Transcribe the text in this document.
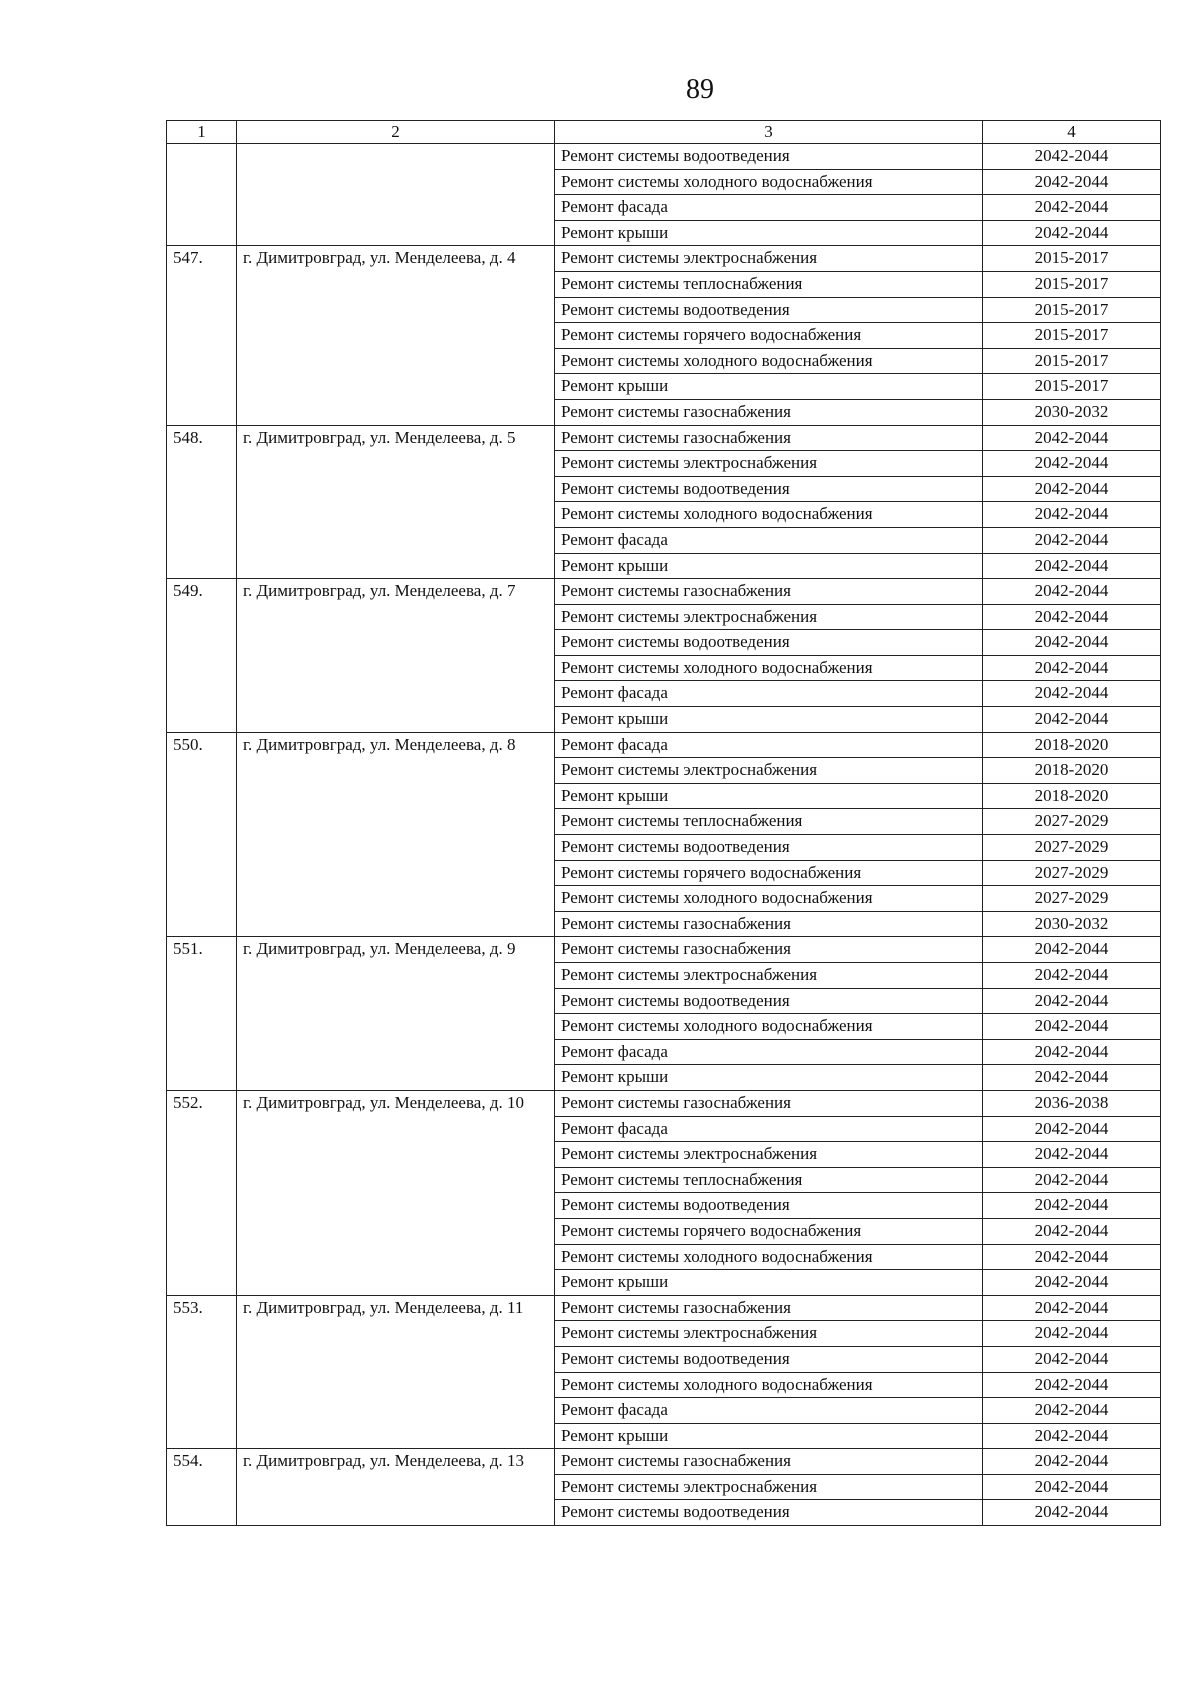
89
1	2	3	4
		Ремонт системы водоотведения	2042-2044
		Ремонт системы холодного водоснабжения	2042-2044
		Ремонт фасада	2042-2044
		Ремонт крыши	2042-2044
547.	г. Димитровград, ул. Менделеева, д. 4	Ремонт системы электроснабжения	2015-2017
		Ремонт системы теплоснабжения	2015-2017
		Ремонт системы водоотведения	2015-2017
		Ремонт системы горячего водоснабжения	2015-2017
		Ремонт системы холодного водоснабжения	2015-2017
		Ремонт крыши	2015-2017
		Ремонт системы газоснабжения	2030-2032
548.	г. Димитровград, ул. Менделеева, д. 5	Ремонт системы газоснабжения	2042-2044
		Ремонт системы электроснабжения	2042-2044
		Ремонт системы водоотведения	2042-2044
		Ремонт системы холодного водоснабжения	2042-2044
		Ремонт фасада	2042-2044
		Ремонт крыши	2042-2044
549.	г. Димитровград, ул. Менделеева, д. 7	Ремонт системы газоснабжения	2042-2044
		Ремонт системы электроснабжения	2042-2044
		Ремонт системы водоотведения	2042-2044
		Ремонт системы холодного водоснабжения	2042-2044
		Ремонт фасада	2042-2044
		Ремонт крыши	2042-2044
550.	г. Димитровград, ул. Менделеева, д. 8	Ремонт фасада	2018-2020
		Ремонт системы электроснабжения	2018-2020
		Ремонт крыши	2018-2020
		Ремонт системы теплоснабжения	2027-2029
		Ремонт системы водоотведения	2027-2029
		Ремонт системы горячего водоснабжения	2027-2029
		Ремонт системы холодного водоснабжения	2027-2029
		Ремонт системы газоснабжения	2030-2032
551.	г. Димитровград, ул. Менделеева, д. 9	Ремонт системы газоснабжения	2042-2044
		Ремонт системы электроснабжения	2042-2044
		Ремонт системы водоотведения	2042-2044
		Ремонт системы холодного водоснабжения	2042-2044
		Ремонт фасада	2042-2044
		Ремонт крыши	2042-2044
552.	г. Димитровград, ул. Менделеева, д. 10	Ремонт системы газоснабжения	2036-2038
		Ремонт фасада	2042-2044
		Ремонт системы электроснабжения	2042-2044
		Ремонт системы теплоснабжения	2042-2044
		Ремонт системы водоотведения	2042-2044
		Ремонт системы горячего водоснабжения	2042-2044
		Ремонт системы холодного водоснабжения	2042-2044
		Ремонт крыши	2042-2044
553.	г. Димитровград, ул. Менделеева, д. 11	Ремонт системы газоснабжения	2042-2044
		Ремонт системы электроснабжения	2042-2044
		Ремонт системы водоотведения	2042-2044
		Ремонт системы холодного водоснабжения	2042-2044
		Ремонт фасада	2042-2044
		Ремонт крыши	2042-2044
554.	г. Димитровград, ул. Менделеева, д. 13	Ремонт системы газоснабжения	2042-2044
		Ремонт системы электроснабжения	2042-2044
		Ремонт системы водоотведения	2042-2044
